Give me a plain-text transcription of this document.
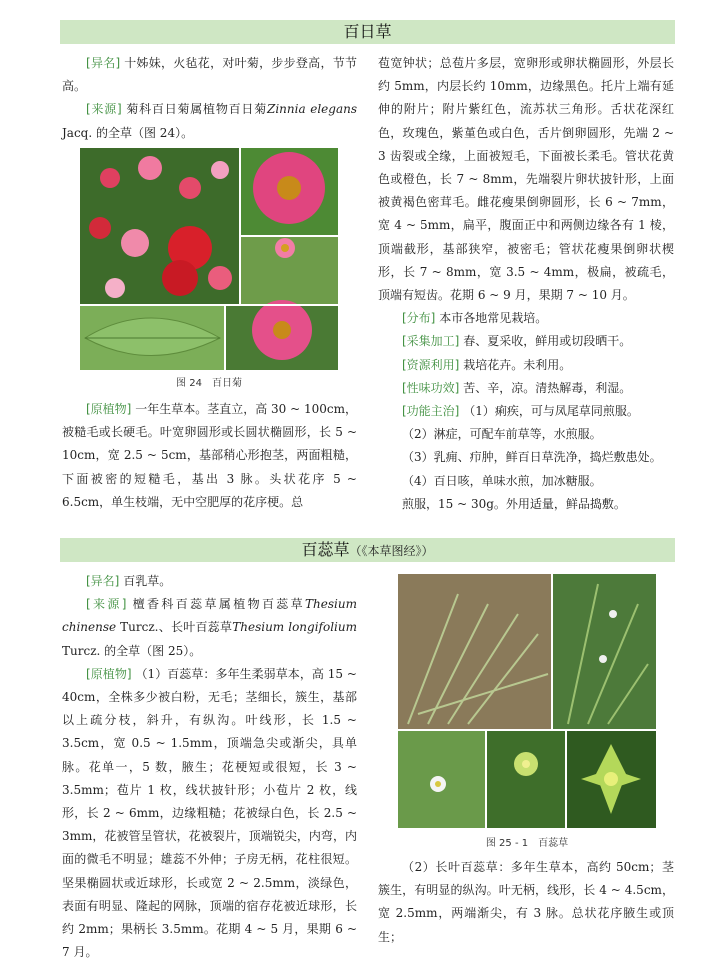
百日草

[异名] 十姊妹，火毡花，对叶菊，步步登高，节节高。

[来源] 菊科百日菊属植物百日菊Zinnia elegans Jacq. 的全草（图 24）。

图 24　百日菊

[原植物] 一年生草本。茎直立，高 30 ~ 100cm，被糙毛或长硬毛。叶宽卵圆形或长圆状椭圆形，长 5 ~ 10cm，宽 2.5 ~ 5cm，基部稍心形抱茎，两面粗糙，下面被密的短糙毛，基出 3 脉。头状花序 5 ~ 6.5cm，单生枝端，无中空肥厚的花序梗。总

苞宽钟状；总苞片多层，宽卵形或卵状椭圆形，外层长约 5mm，内层长约 10mm，边缘黑色。托片上端有延伸的附片；附片紫红色，流苏状三角形。舌状花深红色，玫瑰色，紫堇色或白色，舌片倒卵圆形，先端 2 ~ 3 齿裂或全缘，上面被短毛，下面被长柔毛。管状花黄色或橙色，长 7 ~ 8mm，先端裂片卵状披针形，上面被黄褐色密茸毛。雌花瘦果倒卵圆形，长 6 ~ 7mm，宽 4 ~ 5mm，扁平，腹面正中和两侧边缘各有 1 棱，顶端截形，基部狭窄，被密毛；管状花瘦果倒卵状楔形，长 7 ~ 8mm，宽 3.5 ~ 4mm，极扁，被疏毛，顶端有短齿。花期 6 ~ 9 月，果期 7 ~ 10 月。

[分布] 本市各地常见栽培。

[采集加工] 春、夏采收，鲜用或切段晒干。

[资源利用] 栽培花卉。未利用。

[性味功效] 苦、辛，凉。清热解毒，利湿。

[功能主治] （1）痢疾，可与凤尾草同煎服。

（2）淋症，可配车前草等，水煎服。

（3）乳痈、疖肿，鲜百日草洗净，捣烂敷患处。

（4）百日咳，单味水煎，加冰糖服。

煎服，15 ~ 30g。外用适量，鲜品捣敷。

百蕊草（《本草图经》）

[异名] 百乳草。

[来源] 檀香科百蕊草属植物百蕊草Thesium chinense Turcz.、长叶百蕊草Thesium longifolium Turcz. 的全草（图 25）。

[原植物] （1）百蕊草：多年生柔弱草本，高 15 ~ 40cm，全株多少被白粉，无毛；茎细长，簇生，基部以上疏分枝，斜升，有纵沟。叶线形，长 1.5 ~ 3.5cm，宽 0.5 ~ 1.5mm，顶端急尖或渐尖，具单脉。花单一，5 数，腋生；花梗短或很短，长 3 ~ 3.5mm；苞片 1 枚，线状披针形；小苞片 2 枚，线形，长 2 ~ 6mm，边缘粗糙；花被绿白色，长 2.5 ~ 3mm，花被管呈管状，花被裂片，顶端锐尖，内弯，内面的微毛不明显；雄蕊不外伸；子房无柄，花柱很短。坚果椭圆状或近球形，长或宽 2 ~ 2.5mm，淡绿色，表面有明显、隆起的网脉，顶端的宿存花被近球形，长约 2mm；果柄长 3.5mm。花期 4 ~ 5 月，果期 6 ~ 7 月。

图 25 - 1　百蕊草

（2）长叶百蕊草：多年生草本，高约 50cm；茎簇生，有明显的纵沟。叶无柄，线形，长 4 ~ 4.5cm，宽 2.5mm，两端渐尖，有 3 脉。总状花序腋生或顶生；
